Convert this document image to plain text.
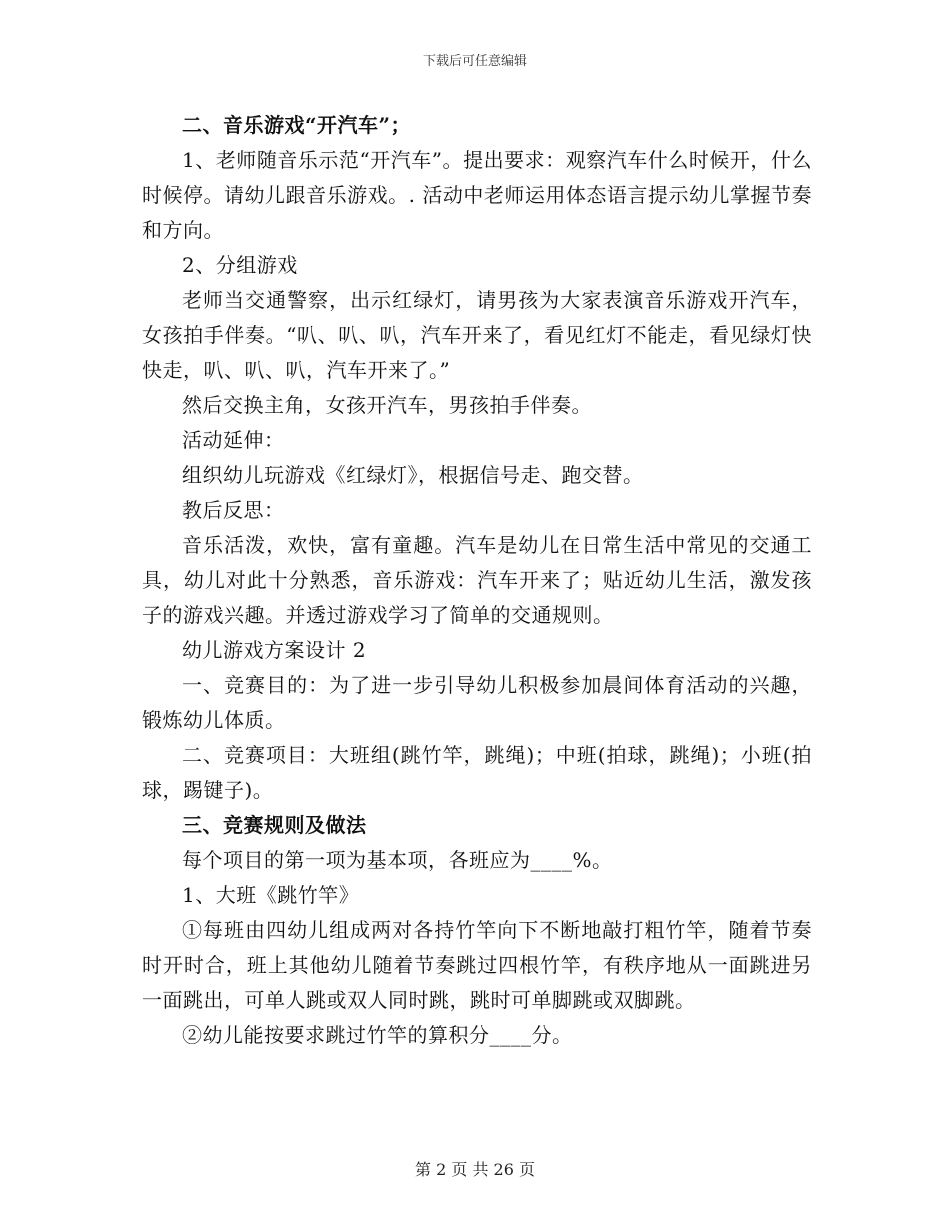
下载后可任意编辑

二、音乐游戏“开汽车”；

1、老师随音乐示范“开汽车”。提出要求：观察汽车什么时候开，什么时候停。请幼儿跟音乐游戏。. 活动中老师运用体态语言提示幼儿掌握节奏和方向。

2、分组游戏

老师当交通警察，出示红绿灯，请男孩为大家表演音乐游戏开汽车，女孩拍手伴奏。“叭、叭、叭，汽车开来了，看见红灯不能走，看见绿灯快快走，叭、叭、叭，汽车开来了。”

然后交换主角，女孩开汽车，男孩拍手伴奏。

活动延伸：

组织幼儿玩游戏《红绿灯》，根据信号走、跑交替。

教后反思：

音乐活泼，欢快，富有童趣。汽车是幼儿在日常生活中常见的交通工具，幼儿对此十分熟悉，音乐游戏：汽车开来了；贴近幼儿生活，激发孩子的游戏兴趣。并透过游戏学习了简单的交通规则。

幼儿游戏方案设计 2

一、竞赛目的：为了进一步引导幼儿积极参加晨间体育活动的兴趣，锻炼幼儿体质。

二、竞赛项目：大班组(跳竹竿，跳绳)；中班(拍球，跳绳)；小班(拍球，踢键子)。

三、竞赛规则及做法

每个项目的第一项为基本项，各班应为____%。

1、大班《跳竹竿》

①每班由四幼儿组成两对各持竹竿向下不断地敲打粗竹竿，随着节奏时开时合，班上其他幼儿随着节奏跳过四根竹竿，有秩序地从一面跳进另一面跳出，可单人跳或双人同时跳，跳时可单脚跳或双脚跳。

②幼儿能按要求跳过竹竿的算积分____分。

第 2 页 共 26 页
